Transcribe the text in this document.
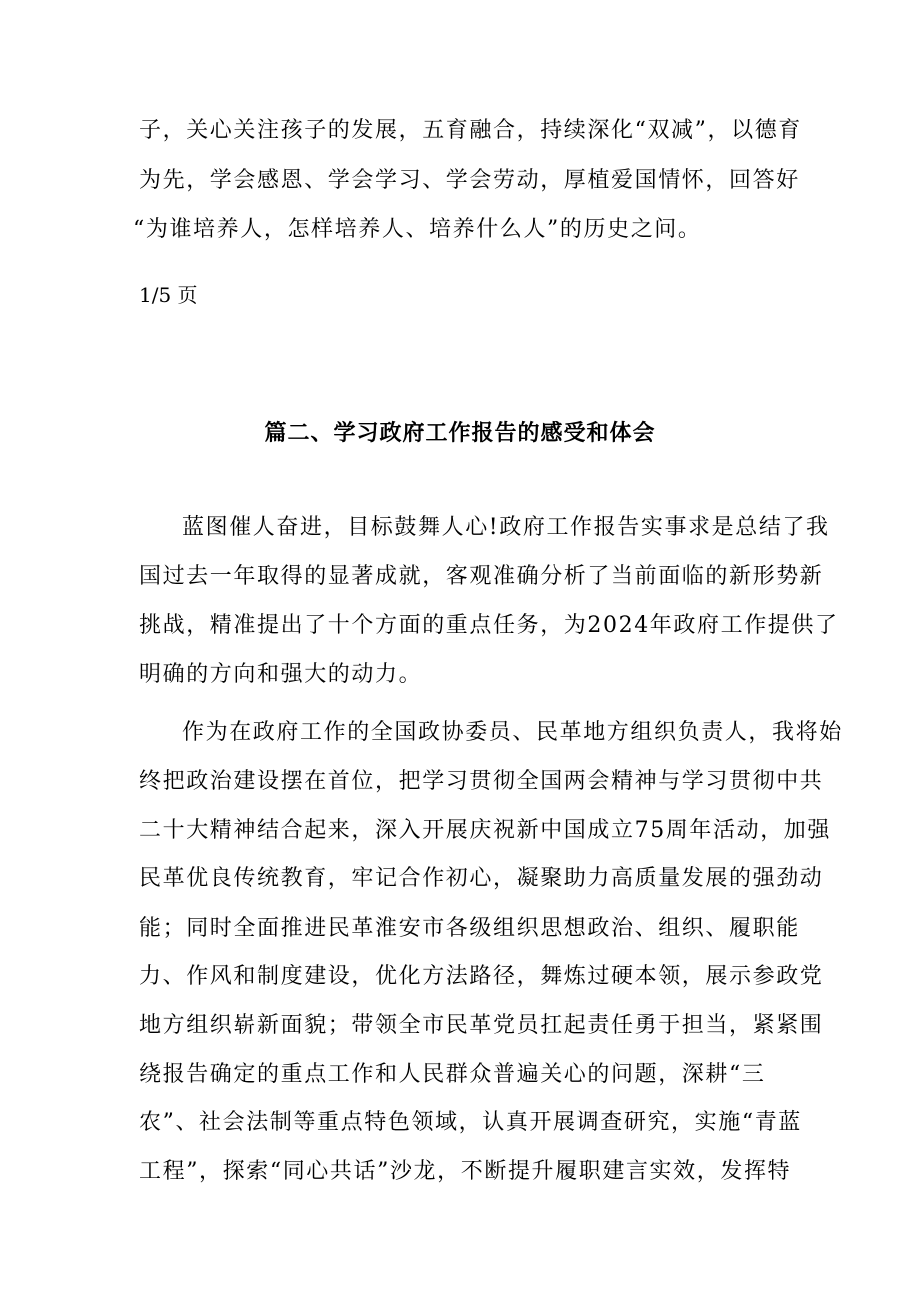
子，关心关注孩子的发展，五育融合，持续深化“双减”，以德育
为先，学会感恩、学会学习、学会劳动，厚植爱国情怀，回答好
“为谁培养人，怎样培养人、培养什么人”的历史之问。
1/5 页
篇二、学习政府工作报告的感受和体会
蓝图催人奋进，目标鼓舞人心!政府工作报告实事求是总结了我
国过去一年取得的显著成就，客观准确分析了当前面临的新形势新
挑战，精准提出了十个方面的重点任务，为2024年政府工作提供了
明确的方向和强大的动力。
作为在政府工作的全国政协委员、民革地方组织负责人，我将始
终把政治建设摆在首位，把学习贯彻全国两会精神与学习贯彻中共
二十大精神结合起来，深入开展庆祝新中国成立75周年活动，加强
民革优良传统教育，牢记合作初心，凝聚助力高质量发展的强劲动
能；同时全面推进民革淮安市各级组织思想政治、组织、履职能
力、作风和制度建设，优化方法路径，舞炼过硬本领，展示参政党
地方组织崭新面貌；带领全市民革党员扛起责任勇于担当，紧紧围
绕报告确定的重点工作和人民群众普遍关心的问题，深耕“三
农”、社会法制等重点特色领域，认真开展调查研究，实施“青蓝
工程”，探索“同心共话”沙龙，不断提升履职建言实效，发挥特
